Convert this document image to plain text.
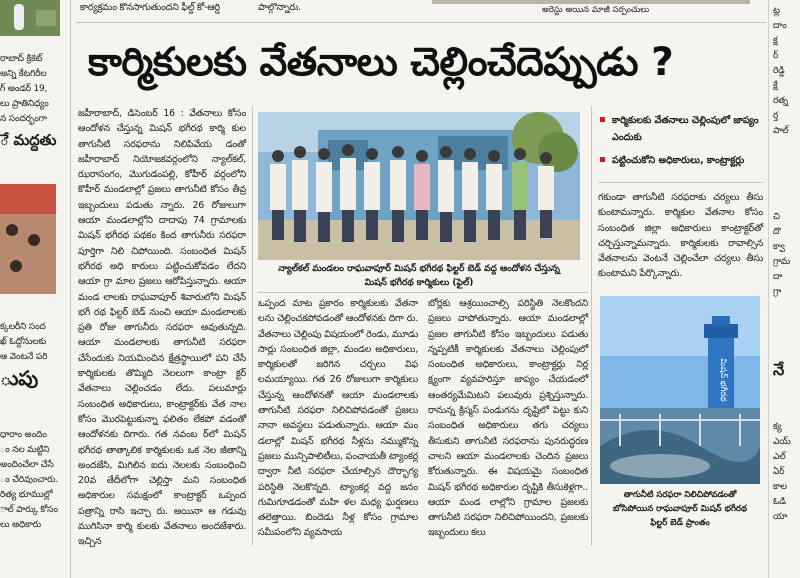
రాబాద్ క్రికెట్
అన్ని కేటగిరీల
గ్ అండర్ 19,
లు ప్రాతినిధ్యం
న సందర్భంగా
ే మద్దతు
క్కలరీని సంద
ఖ్ ఓద్దోనులకు
ఆ వెంటనే పరి
ుపు
ధారాం అందిం
ం నల మట్టిని
అందించేలా చేసే
ం చేరివుంచారు.
రిత్య భూముల్లో
ాల్ పార్కు కోసం
లు అధికారు
కార్యక్రమం కొనసాగుతుందని ఫీల్డ్ కో-ఆర్డి	పాల్గొన్నారు.	అరెస్టు అయిన మాజీ సర్పంచులు
కార్మికులకు వేతనాలు చెల్లించేదెప్పుడు ?

జహీరాబాద్, డిసెంబర్ 16 : వేతనాలు కోసం ఆందోళన చేస్తున్న మిషన్ భగీరథ కార్మి కుల తాగునీటి సరఫరాను నిలిపివేయ డంతో జహీరాబాద్ నియోజకవర్గంలోని న్యాల్‌కల్, ఝరాసంగం, మొగుడంపల్లి, కోహీర్ వర్గంలోని కొహీర్ మండలాల్లో ప్రజలు తాగునీటి కోసం తీవ్ర ఇబ్బందులు పడుతు న్నారు. 26 రోజులుగా ఆయా మండలాల్లోని దాదాపు 74 గ్రామాలకు మిషన్ భగీరథ పథకం కింద తాగునీరు సరఫరా పూర్తిగా నిలి చిపోయింది. సంబంధిత మిషన్ భగీరథ అధి కారులు పట్టించుకోవడం లేదని ఆయా గ్రా మాల ప్రజలు ఆరోపిస్తున్నారు. ఆయా మండ లాలకు రాఘవాపూర్ శివారులోని మిషన్ భగీ రథ ఫిల్టర్ బెడ్ నుంచి ఆయా మండలాలకు ప్రతి రోజు తాగునీరు సరఫరా అవుతున్నది. ఆయా మండలాలకు తాగునీటి సరఫరా చేసేందుకు నియమించిన క్షేత్రస్థాయిలో పని చేసే కార్మికులకు తొమ్మిది నెలలుగా కాంట్రా క్టర్ వేతనాలు చెల్లించడం లేదు. పలుమార్లు సంబంధిత అధికారులు, కాంట్రాక్టర్‌కు వేత నాల కోసం మొరపెట్టుకున్నా ఫలితం లేకపో వడంతో ఆందోళనకు దిగారు. గత నవంబ ర్‌లో మిషన్ భగీరథ తాత్కాలిక కార్మికులకు ఒక నెల జీతాన్ని అందజేసి, మిగిలిన ఐదు నెలలకు సంబంధించి 20వ తేదీలోగా చెల్లిస్తా మని సంబంధిత అధికారుల సమక్షంలో కాంట్రాక్టర్ ఒప్పంద పత్రాన్ని రాసి ఇచ్చా రు. అయినా ఆ గడువు ముగిసినా కార్మి కులకు వేతనాలు అందజేశారు. ఇచ్చిన

న్యాల్‌కల్ మండలం రాఘవాపూర్ మిషన్ భగీరథ ఫిల్టర్ బెడ్ వద్ద ఆందోళన చేస్తున్న
మిషన్ భగీరథ కార్మికులు (ఫైల్)
కార్మికులకు వేతనాలు చెల్లింపులో జాప్యం ఎందుకు
పట్టించుకోని అధికారులు, కాంట్రాక్టర్లు

ఒప్పంద మాట ప్రకారం కార్మికులకు వేతనా లను చెల్లించకపోవడంతో ఆందోళనకు దిగా రు. వేతనాలు చెల్లింపు విషయంలో రెండు, మూడు సార్లు సంబంధిత జిల్లా, మండల అధికారులు, కార్మికులతో జరిగిన చర్చలు విఫ లమయ్యాయి. గత 26 రోజులుగా కార్మికులు చేస్తున్న ఆందోళనతో ఆయా మండలాలకు తాగునీటి సరఫరా నిలిచిపోవడంతో ప్రజలు నానా అవస్థలు పడుతున్నారు. ఆయా మం డలాల్లో మిషన్ భగీరథ నీళ్లను నమ్ముకొన్న ప్రజలు మున్సిపాలిటీలు, పంచాయతీ ట్యాంకర్ల ద్వారా నీటి సరఫరా చేయాల్సిన దౌర్భాగ్య పరిస్థితి నెలకొన్నది. ట్యాంకర్ల వద్ద జనం గుమిగూడడంతో మహి ళల మధ్య ఘర్షణలు తలెత్తాయి. బిందెడు నీళ్ల కోసం గ్రామాల సమీపంలోని వ్యవసాయ

బోర్లకు ఆశ్రయించాల్సి పరిస్థితి నెలకొందని ప్రజలు వాపోతున్నారు. ఆయా మండలాల్లో ప్రజల తాగునీటి కోసం ఇబ్బందులు పడుతు న్నప్పటికీ కార్మికులకు వేతనాలు చెల్లింపులో సంబంధిత అధికారులు, కాంట్రాక్టర్లు నిర్ల క్ష్యంగా వ్యవహరిస్తూ జాప్యం చేయడంలో ఆంతర్యమేమిటని పలువురు ప్రశ్నిస్తున్నారు. రానున్న క్రిస్మస్ పండుగను దృష్టిలో పెట్టు కుని సంబంధిత అధికారులు తగు చర్యలు తీసుకుని తాగునీటి సరఫరాను పునరుద్ధరణ చాలని ఆయా మండలాలకు చెందిన ప్రజలు కోరుతున్నారు. ఈ విషయమై సంబంధిత మిషన్ భగీరథ అధికారుల దృష్టికి తీసుకెళ్లగా.. ఆయా మండ లాల్లోని గ్రామాల ప్రజలకు తాగునీటి సరఫరా నిలిచిపోయిందని, ప్రజలకు ఇబ్బందులు కలు

గకుండా తాగునీటి సరఫరాకు చర్యలు తీసు కుంటామన్నారు. కార్మికుల వేతనాల కోసం సంబంధిత జిల్లా అధికారులు కాంట్రాక్టర్‌తో చర్చిస్తున్నామన్నారు. కార్మికులకు రావాల్సిన వేతనాలను వెంటనే చెల్లించేలా చర్యలు తీసు కుంటామని పేర్కొన్నారు.

మిషన్ భగీరథ
తాగునీటి సరఫరా నిలిచిపోవడంతో
బోసిపోయిన రాఘవాపూర్ మిషన్ భగీరథ
ఫిల్టర్ బెడ్ ప్రాంతం
ట్ల
దాం
క్ష
ర్
రెడ్డి
క్షే
రత్న
ర్త
పాల్
చి
దొ
క్వా
గ్రామ
దా
గ్రా
నే
క్య
ఎయ్
ఎల్
ఏర్
కాల
ఓడి
యా
